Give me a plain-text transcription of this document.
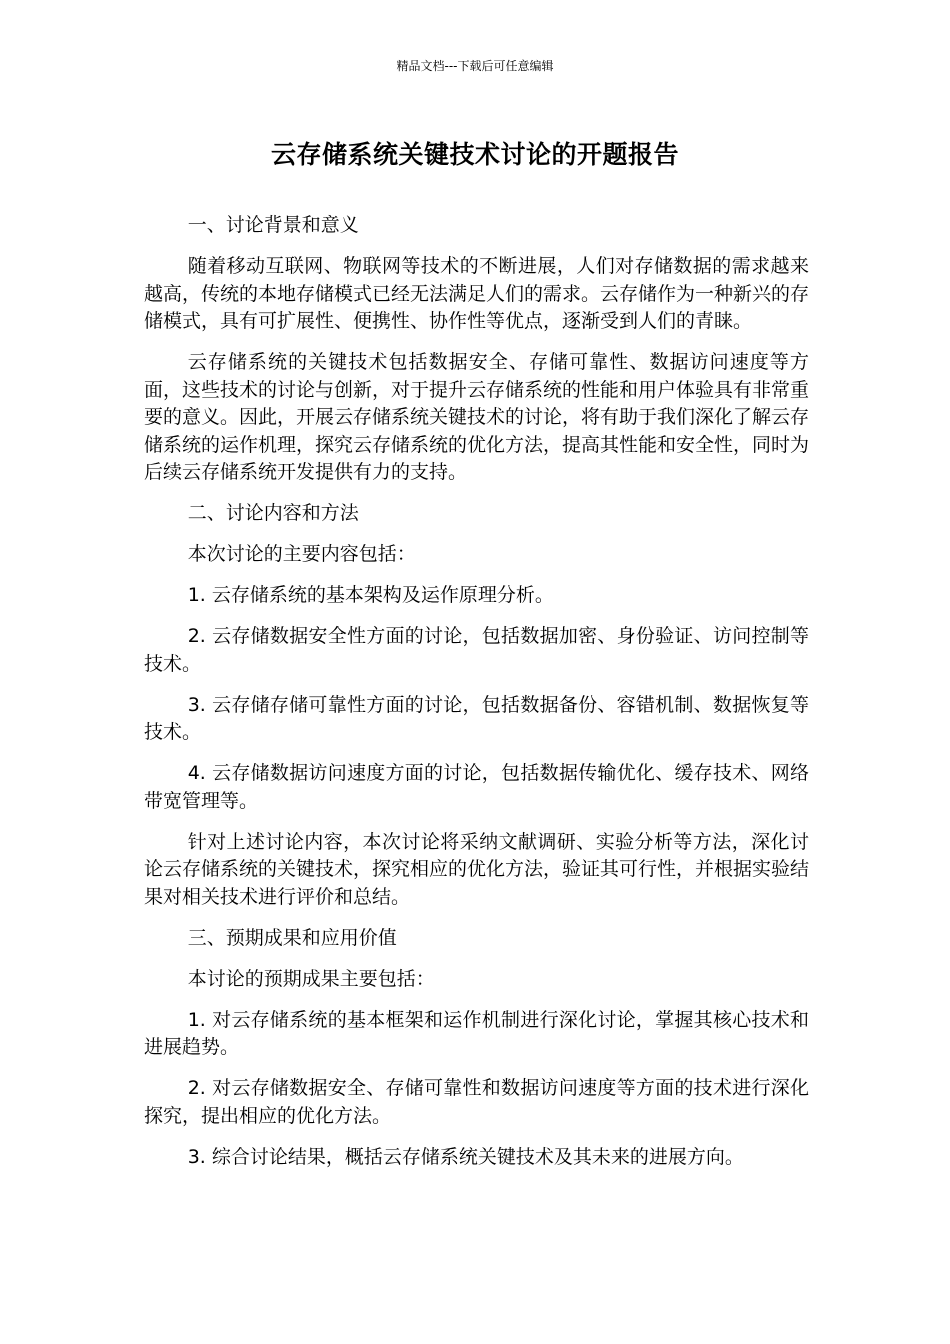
精品文档---下载后可任意编辑
云存储系统关键技术讨论的开题报告

一、讨论背景和意义

随着移动互联网、物联网等技术的不断进展，人们对存储数据的需求越来越高，传统的本地存储模式已经无法满足人们的需求。云存储作为一种新兴的存储模式，具有可扩展性、便携性、协作性等优点，逐渐受到人们的青睐。

云存储系统的关键技术包括数据安全、存储可靠性、数据访问速度等方面，这些技术的讨论与创新，对于提升云存储系统的性能和用户体验具有非常重要的意义。因此，开展云存储系统关键技术的讨论，将有助于我们深化了解云存储系统的运作机理，探究云存储系统的优化方法，提高其性能和安全性，同时为后续云存储系统开发提供有力的支持。

二、讨论内容和方法

本次讨论的主要内容包括：

1. 云存储系统的基本架构及运作原理分析。

2. 云存储数据安全性方面的讨论，包括数据加密、身份验证、访问控制等技术。

3. 云存储存储可靠性方面的讨论，包括数据备份、容错机制、数据恢复等技术。

4. 云存储数据访问速度方面的讨论，包括数据传输优化、缓存技术、网络带宽管理等。

针对上述讨论内容，本次讨论将采纳文献调研、实验分析等方法，深化讨论云存储系统的关键技术，探究相应的优化方法，验证其可行性，并根据实验结果对相关技术进行评价和总结。

三、预期成果和应用价值

本讨论的预期成果主要包括：

1. 对云存储系统的基本框架和运作机制进行深化讨论，掌握其核心技术和进展趋势。

2. 对云存储数据安全、存储可靠性和数据访问速度等方面的技术进行深化探究，提出相应的优化方法。

3. 综合讨论结果，概括云存储系统关键技术及其未来的进展方向。
